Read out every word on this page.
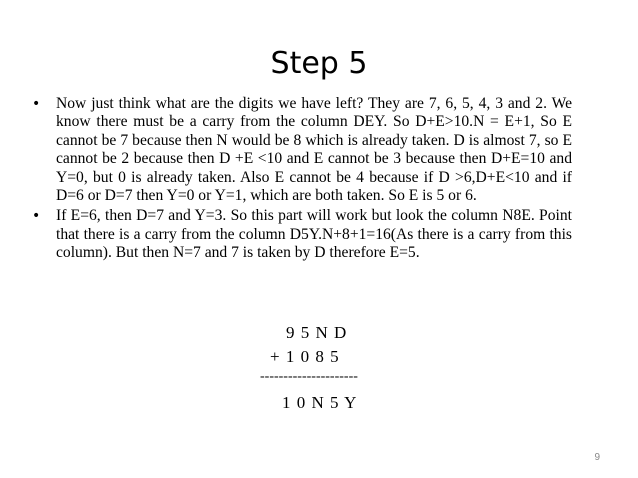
Step 5
• Now just think what are the digits we have left? They are 7, 6, 5, 4, 3 and 2. We know there must be a carry from the column DEY. So D+E>10.N = E+1, So E cannot be 7 because then N would be 8 which is already taken. D is almost 7, so E cannot be 2 because then D +E <10 and E cannot be 3 because then D+E=10 and Y=0, but 0 is already taken. Also E cannot be 4 because if D >6,D+E<10 and if D=6 or D=7 then Y=0 or Y=1, which are both taken. So E is 5 or 6.
• If E=6, then D=7 and Y=3. So this part will work but look the column N8E. Point that there is a carry from the column D5Y.N+8+1=16(As there is a carry from this column). But then N=7 and 7 is taken by D therefore E=5.
9 5 N D
+ 1 0 8 5
---------------------
1 0 N 5 Y
9
